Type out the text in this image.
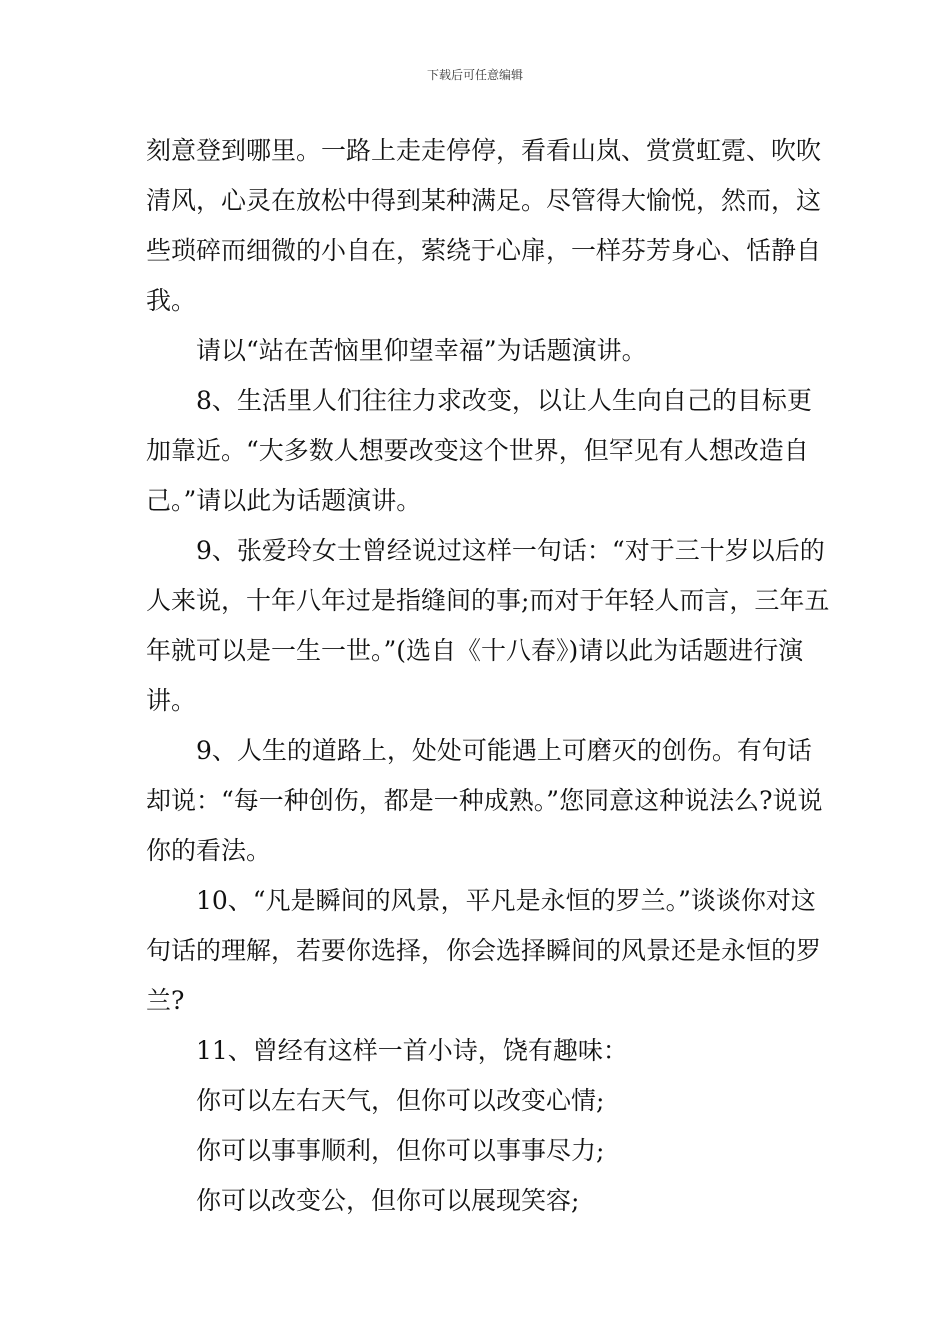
下载后可任意编辑

刻意登到哪里。一路上走走停停，看看山岚、赏赏虹霓、吹吹清风，心灵在放松中得到某种满足。尽管得大愉悦，然而，这些琐碎而细微的小自在，萦绕于心扉，一样芬芳身心、恬静自我。

请以“站在苦恼里仰望幸福”为话题演讲。

8、生活里人们往往力求改变，以让人生向自己的目标更加靠近。“大多数人想要改变这个世界，但罕见有人想改造自己。”请以此为话题演讲。

9、张爱玲女士曾经说过这样一句话：“对于三十岁以后的人来说，十年八年过是指缝间的事;而对于年轻人而言，三年五年就可以是一生一世。”(选自《十八春》)请以此为话题进行演讲。

9、人生的道路上，处处可能遇上可磨灭的创伤。有句话却说：“每一种创伤，都是一种成熟。”您同意这种说法么?说说你的看法。

10、“凡是瞬间的风景，平凡是永恒的罗兰。”谈谈你对这句话的理解，若要你选择，你会选择瞬间的风景还是永恒的罗兰?

11、曾经有这样一首小诗，饶有趣味：

你可以左右天气，但你可以改变心情;

你可以事事顺利，但你可以事事尽力;

你可以改变公，但你可以展现笑容;
